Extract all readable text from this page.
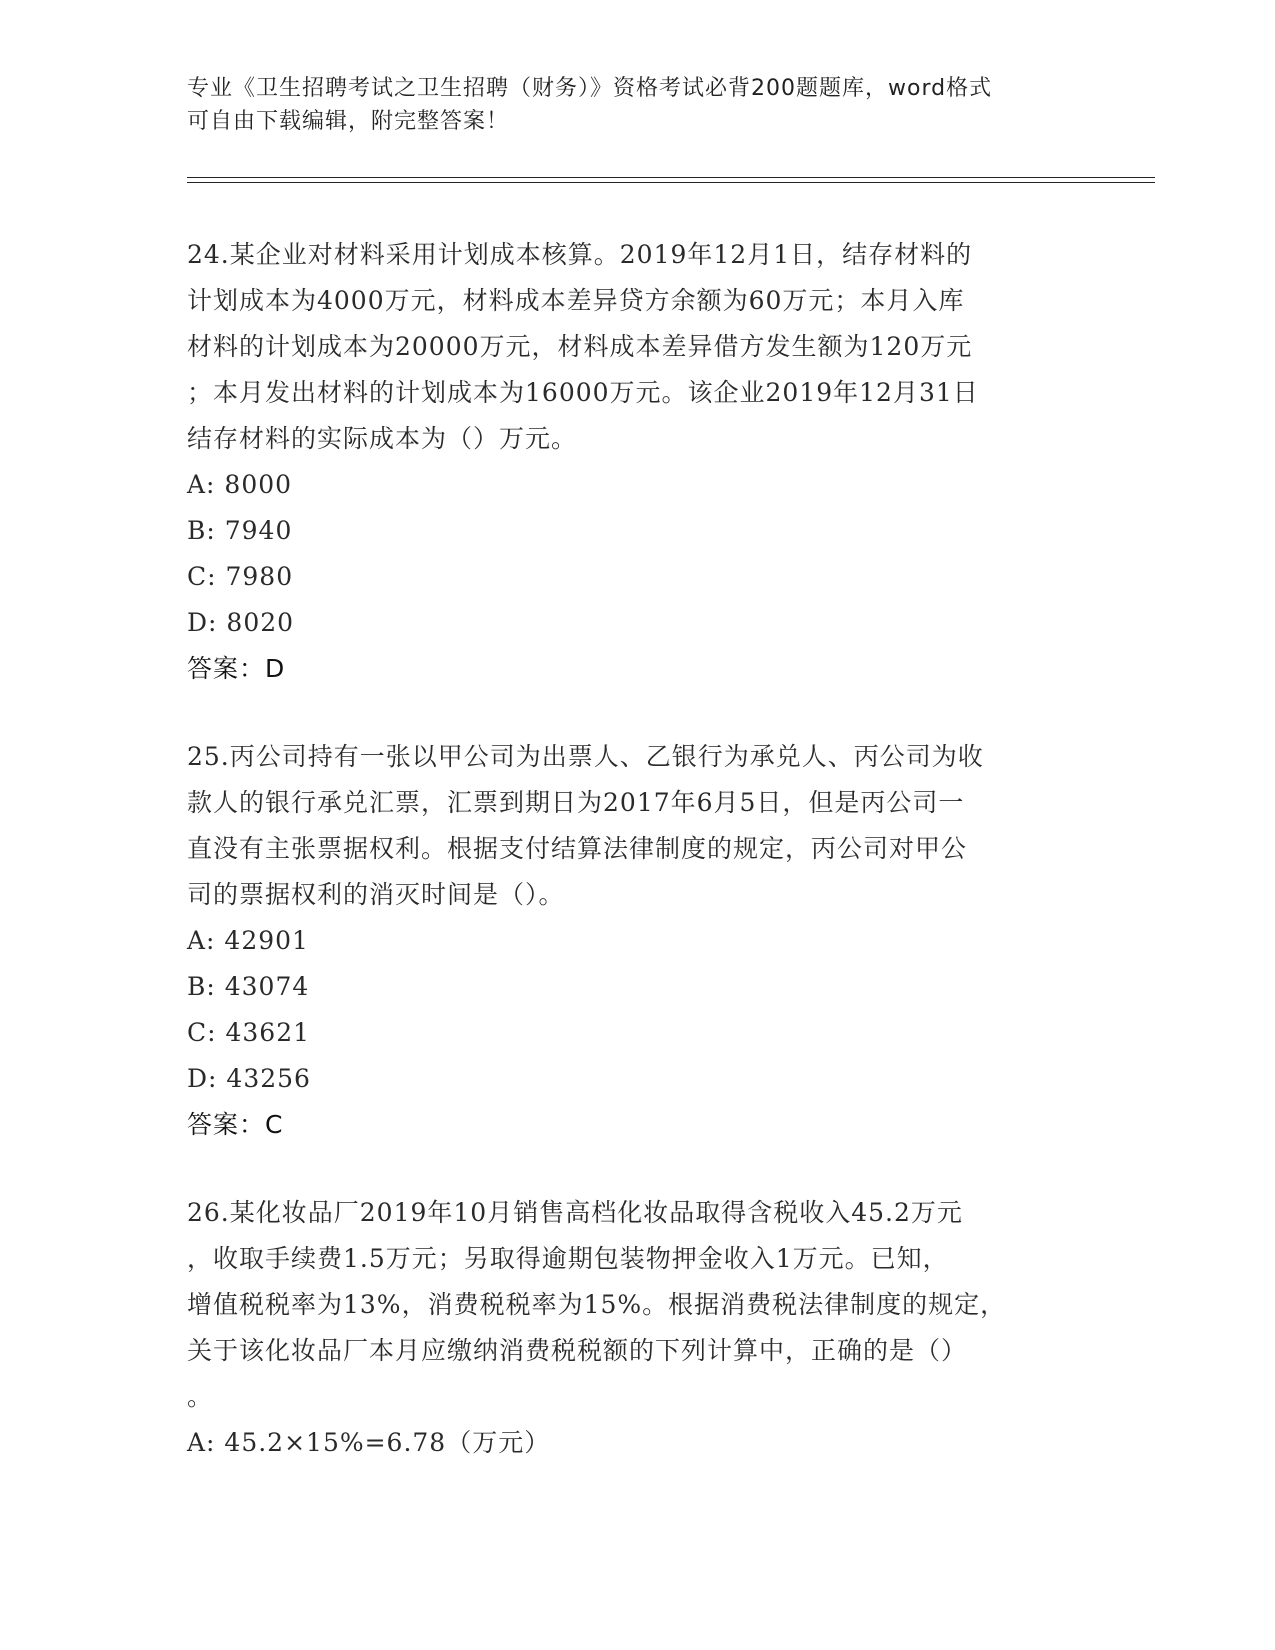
专业《卫生招聘考试之卫生招聘（财务）》资格考试必背200题题库，word格式
可自由下载编辑，附完整答案！
24.某企业对材料采用计划成本核算。2019年12月1日，结存材料的
计划成本为4000万元，材料成本差异贷方余额为60万元；本月入库
材料的计划成本为20000万元，材料成本差异借方发生额为120万元
；本月发出材料的计划成本为16000万元。该企业2019年12月31日
结存材料的实际成本为（）万元。
A: 8000
B: 7940
C: 7980
D: 8020
答案：D
25.丙公司持有一张以甲公司为出票人、乙银行为承兑人、丙公司为收
款人的银行承兑汇票，汇票到期日为2017年6月5日，但是丙公司一
直没有主张票据权利。根据支付结算法律制度的规定，丙公司对甲公
司的票据权利的消灭时间是（）。
A: 42901
B: 43074
C: 43621
D: 43256
答案：C
26.某化妆品厂2019年10月销售高档化妆品取得含税收入45.2万元
，收取手续费1.5万元；另取得逾期包装物押金收入1万元。已知，
增值税税率为13%，消费税税率为15%。根据消费税法律制度的规定，
关于该化妆品厂本月应缴纳消费税税额的下列计算中，正确的是（）
。
A: 45.2×15%=6.78（万元）
